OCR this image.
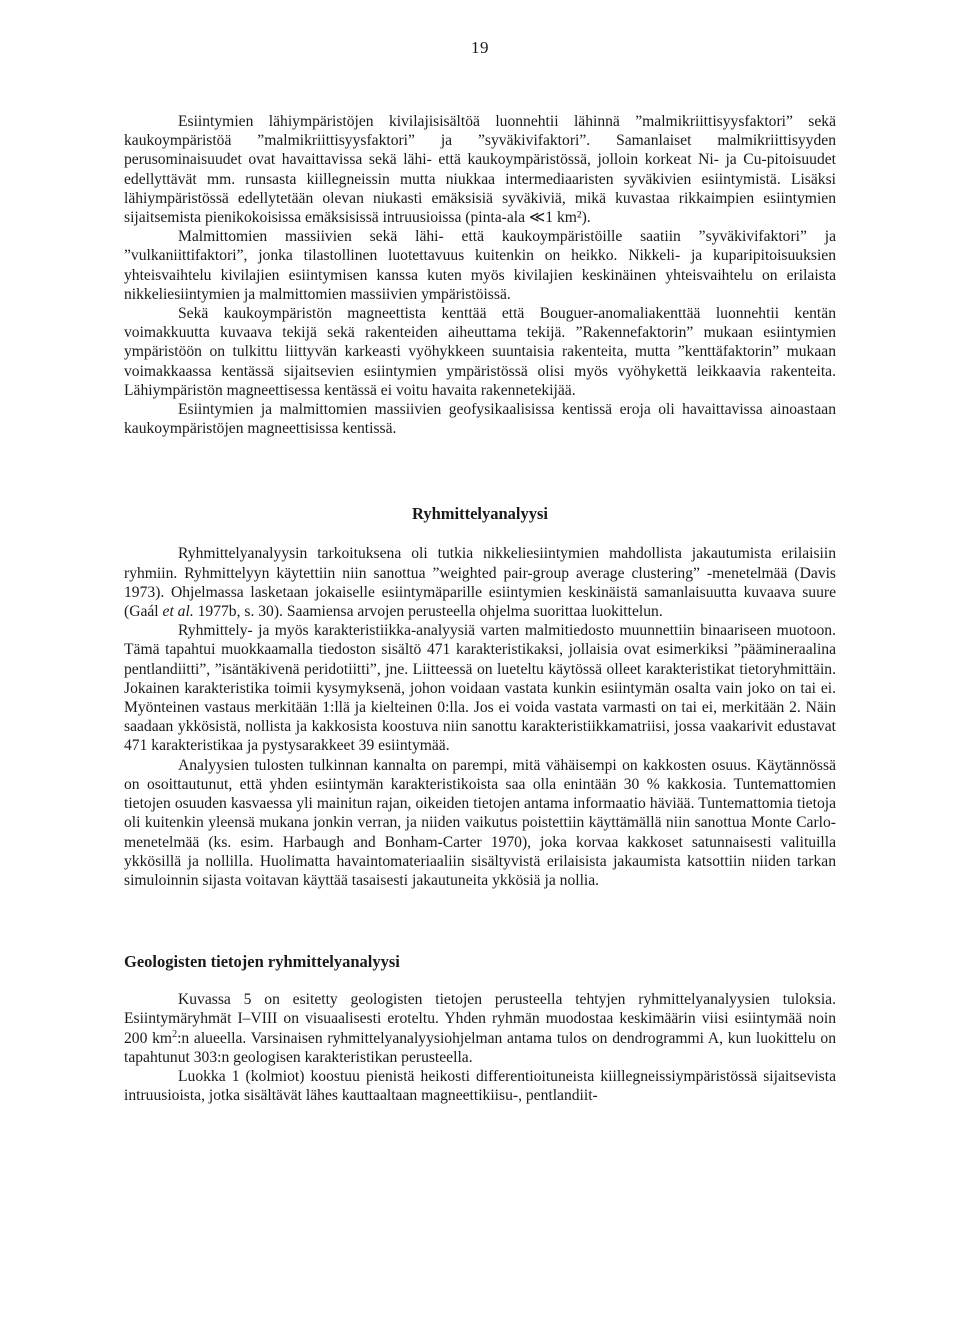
19

Esiintymien lähiympäristöjen kivilajisisältöä luonnehtii lähinnä ”malmikriittisyysfaktori” sekä kaukoympäristöä ”malmikriittisyysfaktori” ja ”syväkivifaktori”. Samanlaiset malmikriittisyyden perusominaisuudet ovat havaittavissa sekä lähi- että kaukoympäristössä, jolloin korkeat Ni- ja Cu-pitoisuudet edellyttävät mm. runsasta kiillegneissin mutta niukkaa intermediaaristen syväkivien esiintymistä. Lisäksi lähiympäristössä edellytetään olevan niukasti emäksisiä syväkiviä, mikä kuvastaa rikkaimpien esiintymien sijaitsemista pienikokoisissa emäksisissä intruusioissa (pinta-ala ≪1 km²).

Malmittomien massiivien sekä lähi- että kaukoympäristöille saatiin ”syväkivifaktori” ja ”vulkaniittifaktori”, jonka tilastollinen luotettavuus kuitenkin on heikko. Nikkeli- ja kuparipitoisuuksien yhteisvaihtelu kivilajien esiintymisen kanssa kuten myös kivilajien keskinäinen yhteisvaihtelu on erilaista nikkeliesiintymien ja malmittomien massiivien ympäristöissä.

Sekä kaukoympäristön magneettista kenttää että Bouguer-anomaliakenttää luonnehtii kentän voimakkuutta kuvaava tekijä sekä rakenteiden aiheuttama tekijä. ”Rakennefaktorin” mukaan esiintymien ympäristöön on tulkittu liittyvän karkeasti vyöhykkeen suuntaisia rakenteita, mutta ”kenttäfaktorin” mukaan voimakkaassa kentässä sijaitsevien esiintymien ympäristössä olisi myös vyöhykettä leikkaavia rakenteita. Lähiympäristön magneettisessa kentässä ei voitu havaita rakennetekijää.

Esiintymien ja malmittomien massiivien geofysikaalisissa kentissä eroja oli havaittavissa ainoastaan kaukoympäristöjen magneettisissa kentissä.

Ryhmittelyanalyysi

Ryhmittelyanalyysin tarkoituksena oli tutkia nikkeliesiintymien mahdollista jakautumista erilaisiin ryhmiin. Ryhmittelyyn käytettiin niin sanottua ”weighted pair-group average clustering” -menetelmää (Davis 1973). Ohjelmassa lasketaan jokaiselle esiintymäparille esiintymien keskinäistä samanlaisuutta kuvaava suure (Gaál et al. 1977b, s. 30). Saamiensa arvojen perusteella ohjelma suorittaa luokittelun.

Ryhmittely- ja myös karakteristiikka-analyysiä varten malmitiedosto muunnettiin binaariseen muotoon. Tämä tapahtui muokkaamalla tiedoston sisältö 471 karakteristikaksi, jollaisia ovat esimerkiksi ”päämineraalina pentlandiitti”, ”isäntäkivenä peridotiitti”, jne. Liitteessä on lueteltu käytössä olleet karakteristikat tietoryhmittäin. Jokainen karakteristika toimii kysymyksenä, johon voidaan vastata kunkin esiintymän osalta vain joko on tai ei. Myönteinen vastaus merkitään 1:llä ja kielteinen 0:lla. Jos ei voida vastata varmasti on tai ei, merkitään 2. Näin saadaan ykkösistä, nollista ja kakkosista koostuva niin sanottu karakteristiikkamatriisi, jossa vaakarivit edustavat 471 karakteristikaa ja pystysarakkeet 39 esiintymää.

Analyysien tulosten tulkinnan kannalta on parempi, mitä vähäisempi on kakkosten osuus. Käytännössä on osoittautunut, että yhden esiintymän karakteristikoista saa olla enintään 30 % kakkosia. Tuntemattomien tietojen osuuden kasvaessa yli mainitun rajan, oikeiden tietojen antama informaatio häviää. Tuntemattomia tietoja oli kuitenkin yleensä mukana jonkin verran, ja niiden vaikutus poistettiin käyttämällä niin sanottua Monte Carlo-menetelmää (ks. esim. Harbaugh and Bonham-Carter 1970), joka korvaa kakkoset satunnaisesti valituilla ykkösillä ja nollilla. Huolimatta havaintomateriaaliin sisältyvistä erilaisista jakaumista katsottiin niiden tarkan simuloinnin sijasta voitavan käyttää tasaisesti jakautuneita ykkösiä ja nollia.

Geologisten tietojen ryhmittelyanalyysi

Kuvassa 5 on esitetty geologisten tietojen perusteella tehtyjen ryhmittelyanalyysien tuloksia. Esiintymäryhmät I–VIII on visuaalisesti eroteltu. Yhden ryhmän muodostaa keskimäärin viisi esiintymää noin 200 $km^2:n$ alueella. Varsinaisen ryhmittelyanalyysiohjelman antama tulos on dendrogrammi A, kun luokittelu on tapahtunut 303:n geologisen karakteristikan perusteella.

Luokka 1 (kolmiot) koostuu pienistä heikosti differentioituneista kiillegneissiympäristössä sijaitsevista intruusioista, jotka sisältävät lähes kauttaaltaan magneettikiisu-, pentlandiit-
